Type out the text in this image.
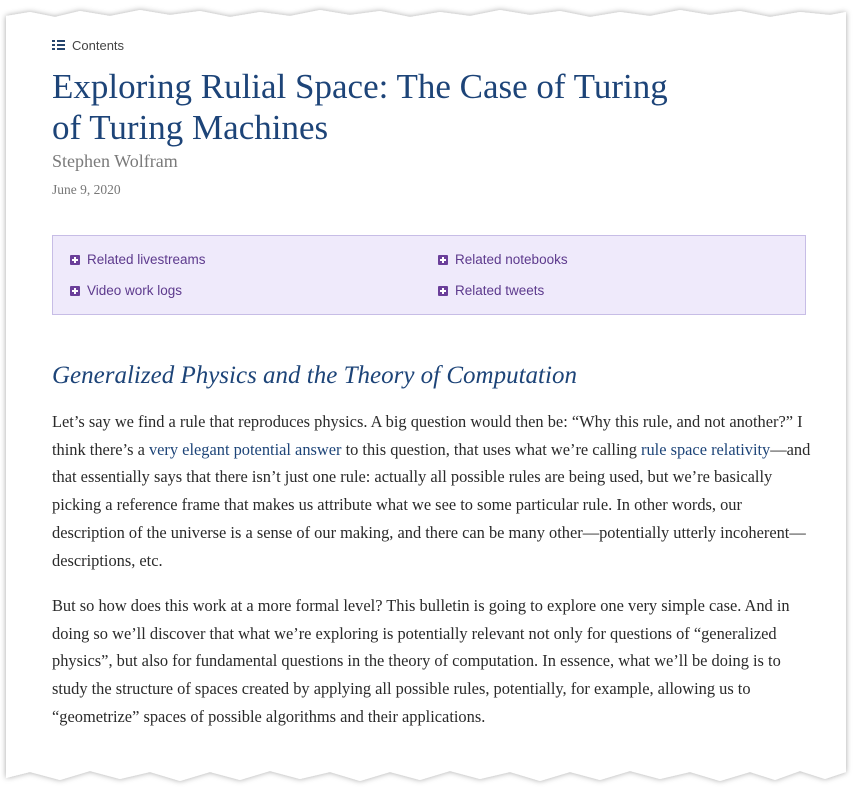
Contents
Exploring Rulial Space: The Case of Turing
of Turing Machines
Stephen Wolfram
June 9, 2020
Related livestreams	Related notebooks
Video work logs	Related tweets
Generalized Physics and the Theory of Computation

Let’s say we find a rule that reproduces physics. A big question would then be: “Why this rule, and not another?” I think there’s a very elegant potential answer to this question, that uses what we’re calling rule space relativity—and that essentially says that there isn’t just one rule: actually all possible rules are being used, but we’re basically picking a reference frame that makes us attribute what we see to some particular rule. In other words, our description of the universe is a sense of our making, and there can be many other—potentially utterly incoherent—descriptions, etc.

But so how does this work at a more formal level? This bulletin is going to explore one very simple case. And in doing so we’ll discover that what we’re exploring is potentially relevant not only for questions of “generalized physics”, but also for fundamental questions in the theory of computation. In essence, what we’ll be doing is to study the structure of spaces created by applying all possible rules, potentially, for example, allowing us to “geometrize” spaces of possible algorithms and their applications.
